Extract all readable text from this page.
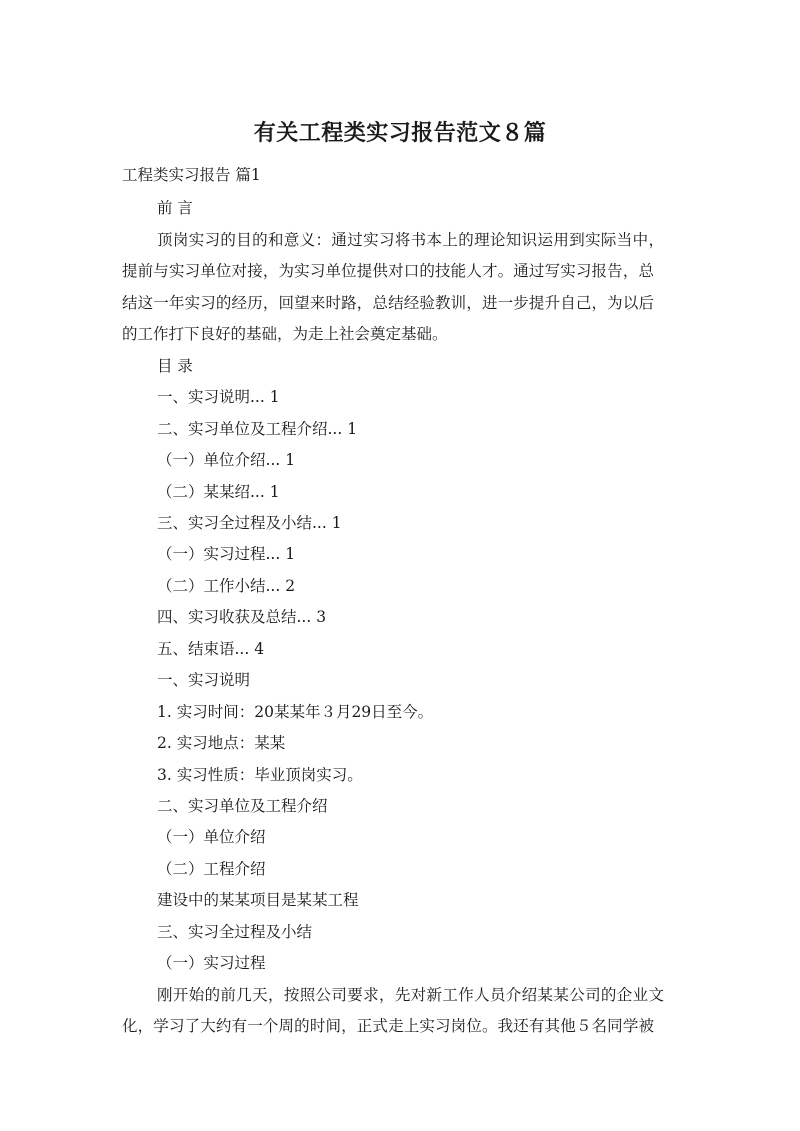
有关工程类实习报告范文８篇
工程类实习报告 篇1
前 言
顶岗实习的目的和意义：通过实习将书本上的理论知识运用到实际当中，
提前与实习单位对接，为实习单位提供对口的技能人才。通过写实习报告，总
结这一年实习的经历，回望来时路，总结经验教训，进一步提升自己，为以后
的工作打下良好的基础，为走上社会奠定基础。
目 录
一、实习说明... 1
二、实习单位及工程介绍... 1
（一）单位介绍... 1
（二）某某绍... 1
三、实习全过程及小结... 1
（一）实习过程... 1
（二）工作小结... 2
四、实习收获及总结... 3
五、结束语... 4
一、实习说明
1. 实习时间：20某某年３月29日至今。
2. 实习地点：某某
3. 实习性质：毕业顶岗实习。
二、实习单位及工程介绍
（一）单位介绍
（二）工程介绍
建设中的某某项目是某某工程
三、实习全过程及小结
（一）实习过程
刚开始的前几天，按照公司要求，先对新工作人员介绍某某公司的企业文
化，学习了大约有一个周的时间，正式走上实习岗位。我还有其他５名同学被
